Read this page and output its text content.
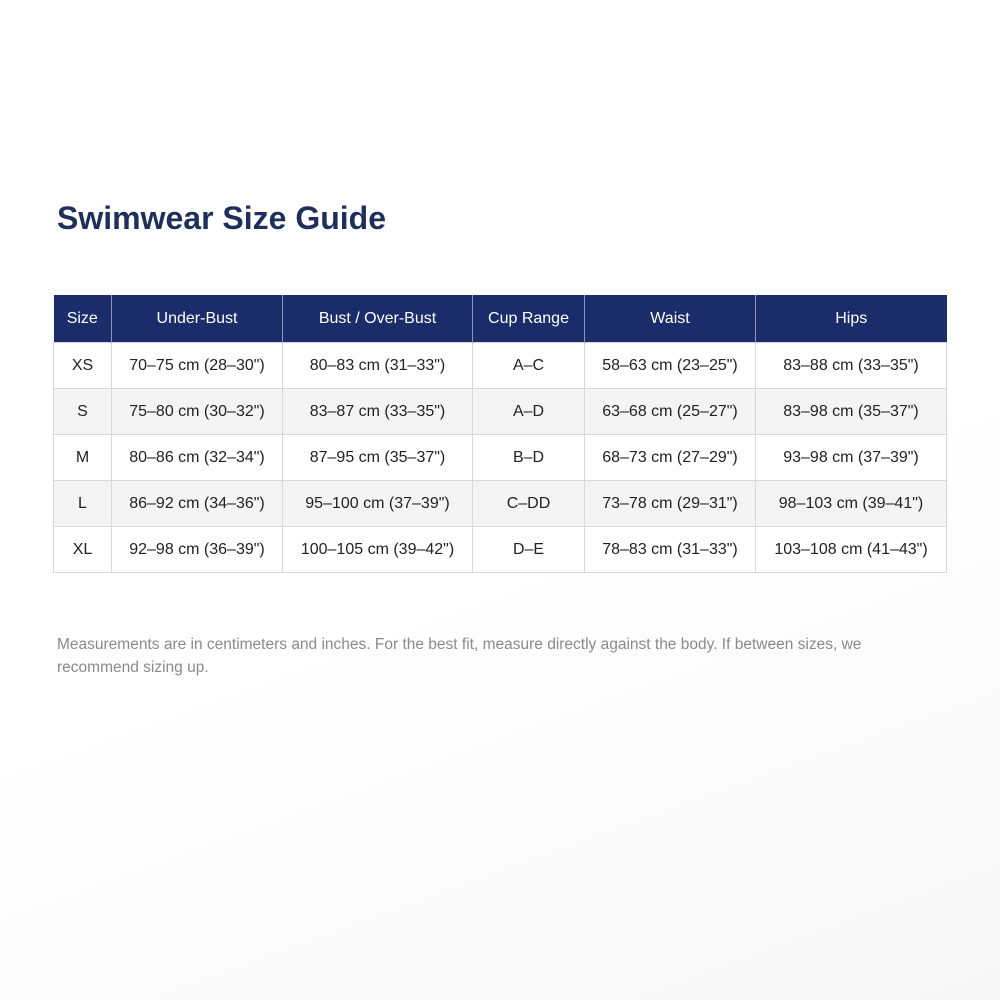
Swimwear Size Guide
Size	Under-Bust	Bust / Over-Bust	Cup Range	Waist	Hips
XS	70–75 cm (28–30")	80–83 cm (31–33")	A–C	58–63 cm (23–25")	83–88 cm (33–35")
S	75–80 cm (30–32")	83–87 cm (33–35")	A–D	63–68 cm (25–27")	83–98 cm (35–37")
M	80–86 cm (32–34")	87–95 cm (35–37")	B–D	68–73 cm (27–29")	93–98 cm (37–39")
L	86–92 cm (34–36")	95–100 cm (37–39")	C–DD	73–78 cm (29–31")	98–103 cm (39–41")
XL	92–98 cm (36–39")	100–105 cm (39–42")	D–E	78–83 cm (31–33")	103–108 cm (41–43")

Measurements are in centimeters and inches. For the best fit, measure directly against the body. If between sizes, we recommend sizing up.
